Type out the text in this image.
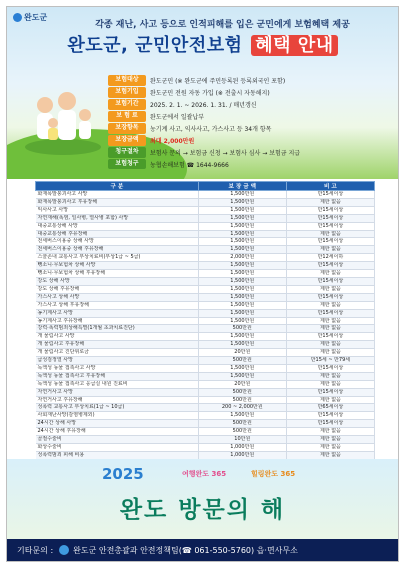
완도군
각종 재난, 사고 등으로 인적피해를 입은 군민에게 보험혜택 제공
완도군, 군민안전보험 혜택 안내
보험대상	완도군민 (※ 완도군에 주민등록된 등록외국인 포함)
보험기입	완도군민 전원 자동 가입 (※ 전출시 자동해지)
보험기간	2025. 2. 1. ~ 2026. 1. 31. / 매년갱신
보 험 료	완도군에서 일괄납부
보장항목	농기계 사고, 익사사고, 가스사고 등 34개 항목
보장금액	최대 2,000만원
청구절차	보험사 문의 → 보험금 신청 → 보험사 심사 → 보험금 지급
보험청구	농협손해보험 ☎ 1644-9666
구 분	보 장 금 액	비 고
화재폭발붕괴사고 사망	1,500만원	만15세이상
화재폭발붕괴사고 후유장해	1,500만원	제한 없음
익사사고 사망	1,500만원	만15세이상
자연재해(폭염, 일사병, 열사병 포함) 사망	1,500만원	만15세이상
대중교통상해 사망	1,500만원	만15세이상
대중교통상해 후유장해	1,500만원	제한 없음
전세버스이용중 상해 사망	1,500만원	만15세이상
전세버스이용중 상해 후유장해	1,500만원	제한 없음
스쿨존내 교통사고 부상치료비(부상1급 ~ 5급)	2,000만원	만12세이하
뺑소니·무보험차 상해 사망	1,500만원	만15세이상
뺑소니·무보험차 상해 후유장해	1,500만원	제한 없음
강도 상해 사망	1,500만원	만15세이상
강도 상해 후유장해	1,500만원	제한 없음
가스사고 상해 사망	1,500만원	만15세이상
가스사고 상해 후유장해	1,500만원	제한 없음
농기계사고 사망	1,500만원	만15세이상
농기계사고 후유장해	1,500만원	제한 없음
강력·폭력범죄상해특별(1개월 초과치료진단)	500만원	제한 없음
개 물림사고 사망	1,500만원	만15세이상
개 물림사고 후유장해	1,500만원	제한 없음
개 물림사고 진단위로금	20만원	제한 없음
급성검정열 사망	500만원	만15세 ~ 만79세
독액성 동물 접촉사고 사망	1,500만원	만15세이상
독액성 동물 접촉사고 후유장해	1,500만원	제한 없음
독액성 동물 접촉사고 응급실 내원 진료비	20만원	제한 없음
자연거사고 사망	500만원	만15세이상
자연거사고 후유장해	500만원	제한 없음
성폭력 교통사고 부상치료(1급 ~ 10급)	200 ~ 2,000만원	만65세이상
사회재난사망(감염병제외)	1,500만원	만15세이상
24시간 상해 사망	500만원	만15세이상
24시간 상해 후유장해	500만원	제한 없음
골절수술비	10만원	제한 없음
화상수술비	1,000만원	제한 없음
성폭력범죄 피해 비용	1,000만원	제한 없음
2025	여행완도 365	힐링완도 365
완도 방문의 해
기타문의 :	완도군 안전총괄과 안전정책팀(☎ 061-550-5760) 읍·면사무소
